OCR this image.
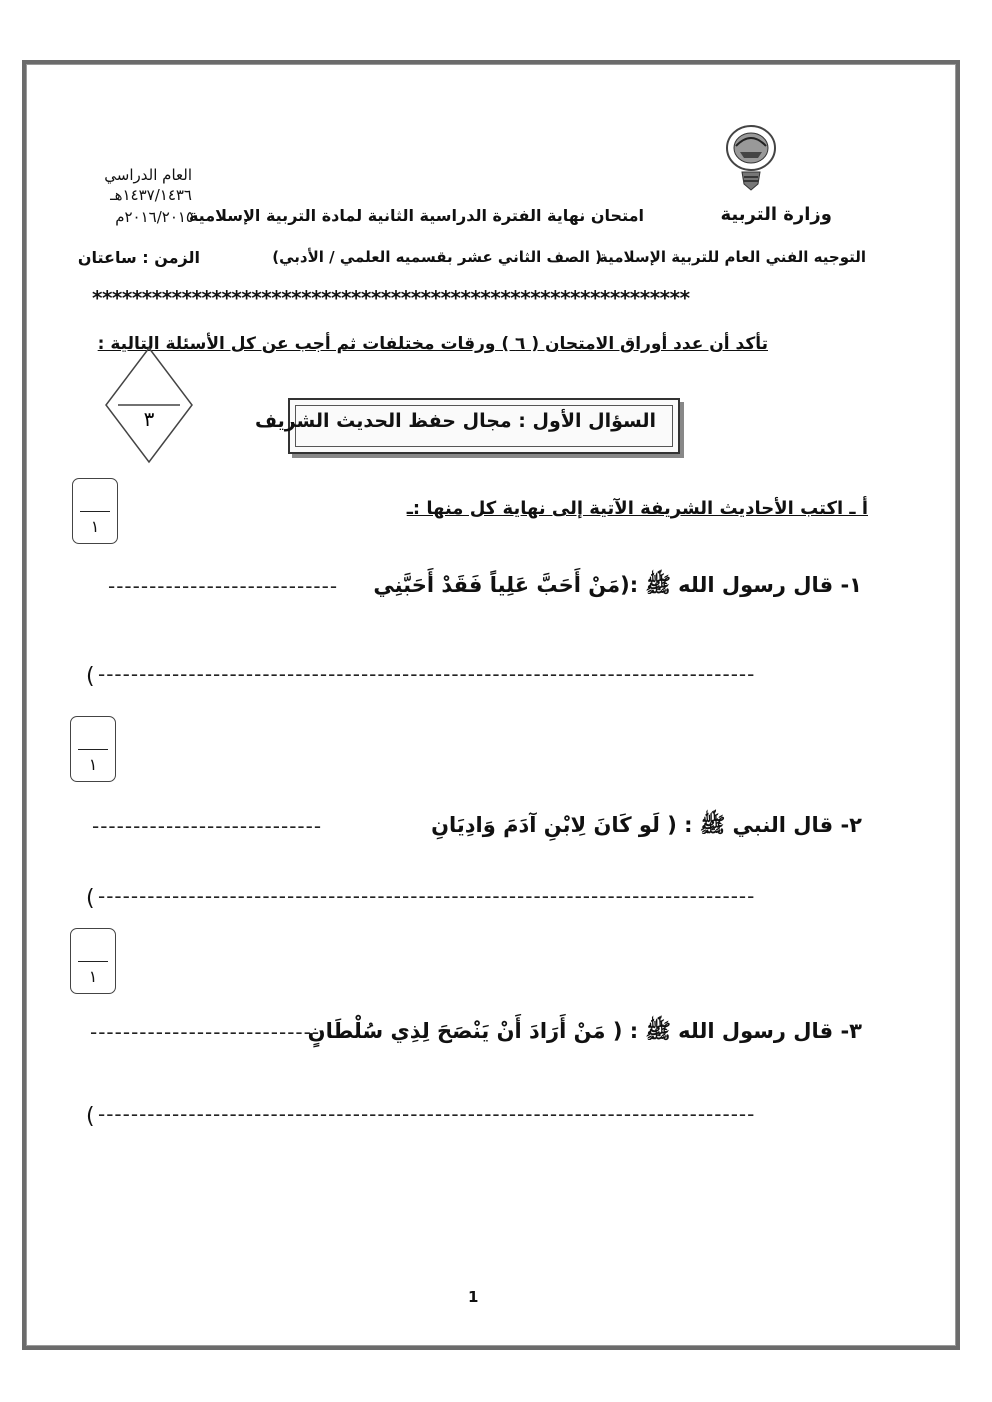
وزارة التربية
امتحان نهاية الفترة الدراسية الثانية لمادة التربية الإسلامية
العام الدراسي
١٤٣٧/١٤٣٦هـ
٢٠١٦/٢٠١٥م
التوجيه الفني العام للتربية الإسلامية
( الصف الثاني عشر بقسميه العلمي / الأدبي)
الزمن : ساعتان
************************************************************
تأكد أن عدد أوراق الامتحان ( ٦ ) ورقات مختلفات ثم أجب عن كل الأسئلة التالية :
٣	السؤال الأول : مجال حفظ الحديث الشريف
أ ـ اكتب الأحاديث الشريفة الآتية إلى نهاية كل منها :ـ
١
١
١
١- قال رسول الله ﷺ :(مَنْ أَحَبَّ عَلِياً فَقَدْ أَحَبَّنِي
----------------------------
--------------------------------------------------------------------------------
(
٢- قال النبي ﷺ : ( لَو كَانَ لِابْنِ آدَمَ وَادِيَانِ
----------------------------
--------------------------------------------------------------------------------
(
٣- قال رسول الله ﷺ : ( مَنْ أَرَادَ أَنْ يَنْصَحَ لِذِي سُلْطَانٍ
----------------------------
--------------------------------------------------------------------------------
(
1
